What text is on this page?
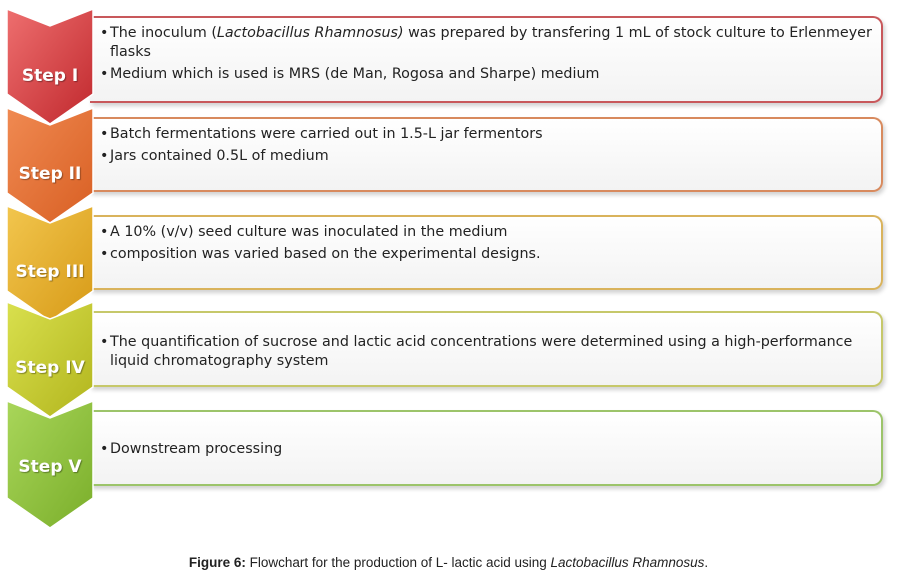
• The inoculum (Lactobacillus Rhamnosus) was prepared by transfering 1 mL of stock culture to Erlenmeyer flasks
• Medium which is used is MRS (de Man, Rogosa and Sharpe) medium
Step I
• Batch fermentations were carried out in 1.5-L jar fermentors
• Jars contained 0.5L of medium
Step II
• A 10% (v/v) seed culture was inoculated in the medium
• composition was varied based on the experimental designs.
Step III
• The quantification of sucrose and lactic acid concentrations were determined using a high-performance liquid chromatography system
Step IV
• Downstream processing
Step V
Figure 6: Flowchart for the production of L- lactic acid using Lactobacillus Rhamnosus.
